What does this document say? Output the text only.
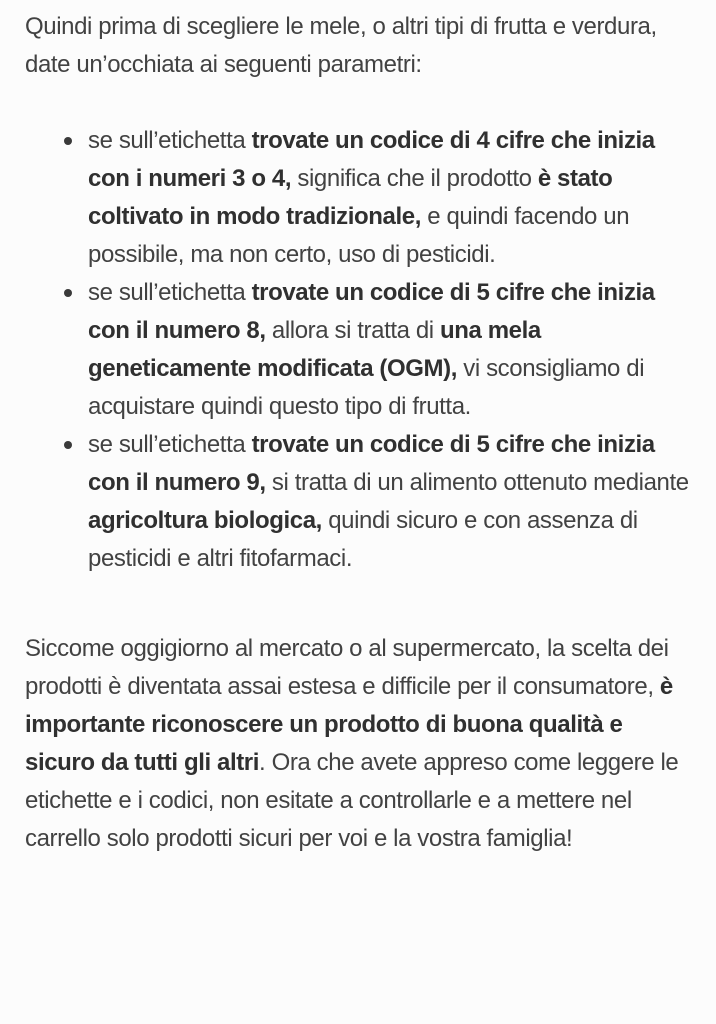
Quindi prima di scegliere le mele, o altri tipi di frutta e verdura, date un’occhiata ai seguenti parametri:

se sull’etichetta trovate un codice di 4 cifre che inizia con i numeri 3 o 4, significa che il prodotto è stato coltivato in modo tradizionale, e quindi facendo un possibile, ma non certo, uso di pesticidi.
se sull’etichetta trovate un codice di 5 cifre che inizia con il numero 8, allora si tratta di una mela geneticamente modificata (OGM), vi sconsigliamo di acquistare quindi questo tipo di frutta.
se sull’etichetta trovate un codice di 5 cifre che inizia con il numero 9, si tratta di un alimento ottenuto mediante agricoltura biologica, quindi sicuro e con assenza di pesticidi e altri fitofarmaci.

Siccome oggigiorno al mercato o al supermercato, la scelta dei prodotti è diventata assai estesa e difficile per il consumatore, è importante riconoscere un prodotto di buona qualità e sicuro da tutti gli altri. Ora che avete appreso come leggere le etichette e i codici, non esitate a controllarle e a mettere nel carrello solo prodotti sicuri per voi e la vostra famiglia!
